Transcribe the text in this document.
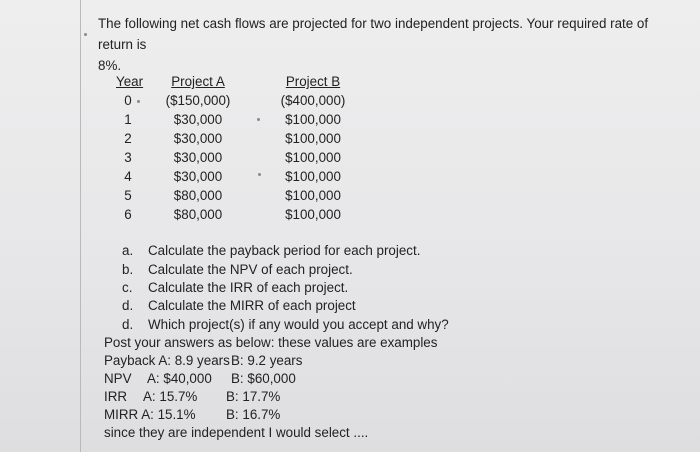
The following net cash flows are projected for two independent projects. Your required rate of return is

8%.

Year	Project A	Project B
0	($150,000)	($400,000)
1	$30,000	$100,000
2	$30,000	$100,000
3	$30,000	$100,000
4	$30,000	$100,000
5	$80,000	$100,000
6	$80,000	$100,000
a. Calculate the payback period for each project.
b. Calculate the NPV of each project.
c. Calculate the IRR of each project.
d. Calculate the MIRR of each project
d. Which project(s) if any would you accept and why?
Post your answers as below: these values are examples
Payback A: 8.9 years B: 9.2 years
NPV A: $40,000 B: $60,000
IRR A: 15.7% B: 17.7%
MIRR A: 15.1% B: 16.7%
since they are independent I would select ....
